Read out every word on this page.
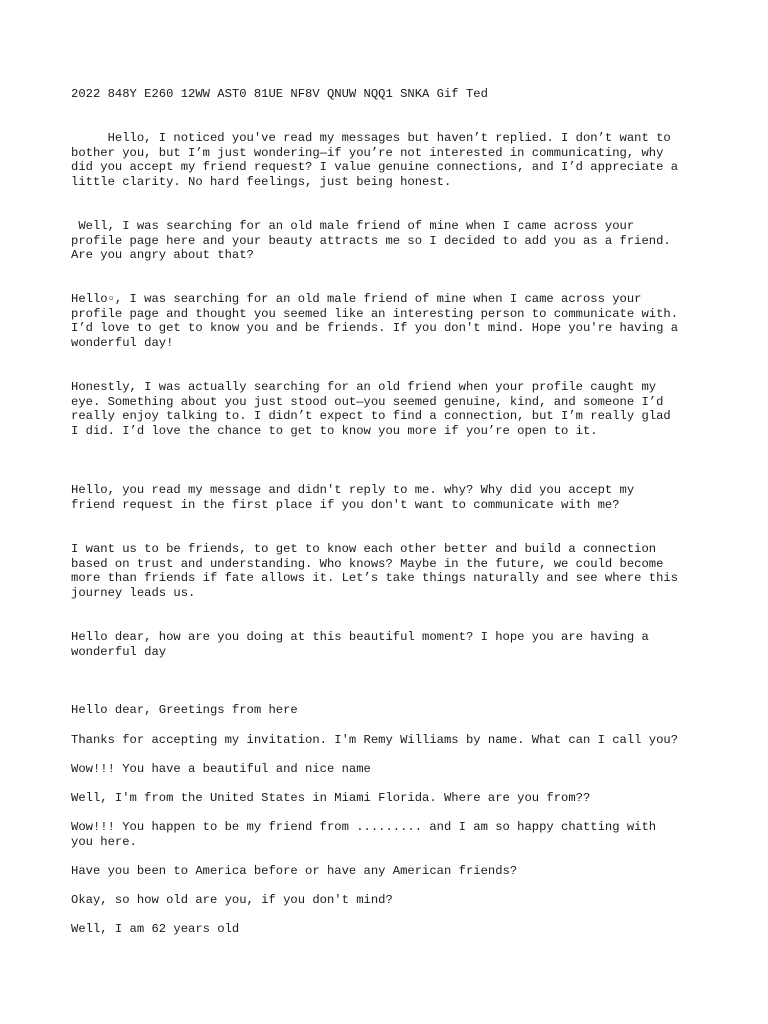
2022 848Y E260 12WW AST0 81UE NF8V QNUW NQQ1 SNKA Gif Ted

Hello, I noticed you've read my messages but haven’t replied. I don’t want to
bother you, but I’m just wondering—if you’re not interested in communicating, why
did you accept my friend request? I value genuine connections, and I’d appreciate a
little clarity. No hard feelings, just being honest.

Well, I was searching for an old male friend of mine when I came across your
profile page here and your beauty attracts me so I decided to add you as a friend.
Are you angry about that?

Hello▫, I was searching for an old male friend of mine when I came across your
profile page and thought you seemed like an interesting person to communicate with.
I’d love to get to know you and be friends. If you don't mind. Hope you're having a
wonderful day!

Honestly, I was actually searching for an old friend when your profile caught my
eye. Something about you just stood out—you seemed genuine, kind, and someone I’d
really enjoy talking to. I didn’t expect to find a connection, but I’m really glad
I did. I’d love the chance to get to know you more if you’re open to it.

Hello, you read my message and didn't reply to me. why? Why did you accept my
friend request in the first place if you don't want to communicate with me?

I want us to be friends, to get to know each other better and build a connection
based on trust and understanding. Who knows? Maybe in the future, we could become
more than friends if fate allows it. Let’s take things naturally and see where this
journey leads us.

Hello dear, how are you doing at this beautiful moment? I hope you are having a
wonderful day

Hello dear, Greetings from here

Thanks for accepting my invitation. I'm Remy Williams by name. What can I call you?

Wow!!! You have a beautiful and nice name

Well, I'm from the United States in Miami Florida. Where are you from??

Wow!!! You happen to be my friend from ......... and I am so happy chatting with
you here.

Have you been to America before or have any American friends?

Okay, so how old are you, if you don't mind?

Well, I am 62 years old
